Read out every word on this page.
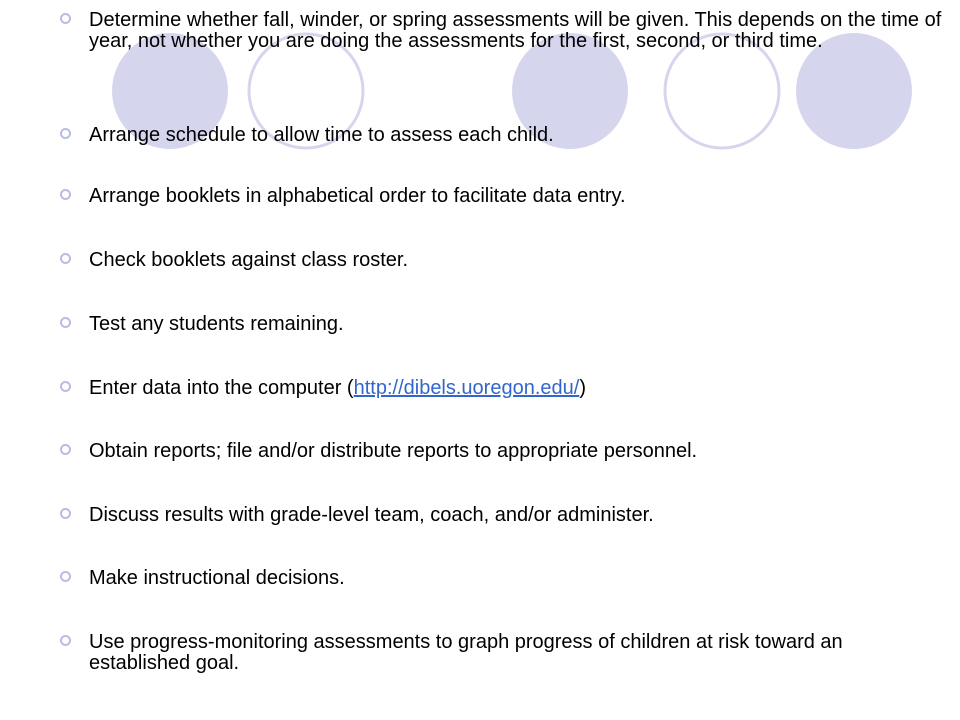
Determine whether fall, winder, or spring assessments will be given. This depends on the time of year, not whether you are doing the assessments for the first, second, or third time.
Arrange schedule to allow time to assess each child.
Arrange booklets in alphabetical order to facilitate data entry.
Check booklets against class roster.
Test any students remaining.
Enter data into the computer (http://dibels.uoregon.edu/)
Obtain reports; file and/or distribute reports to appropriate personnel.
Discuss results with grade-level team, coach, and/or administer.
Make instructional decisions.
Use progress-monitoring assessments to graph progress of children at risk toward an established goal.
